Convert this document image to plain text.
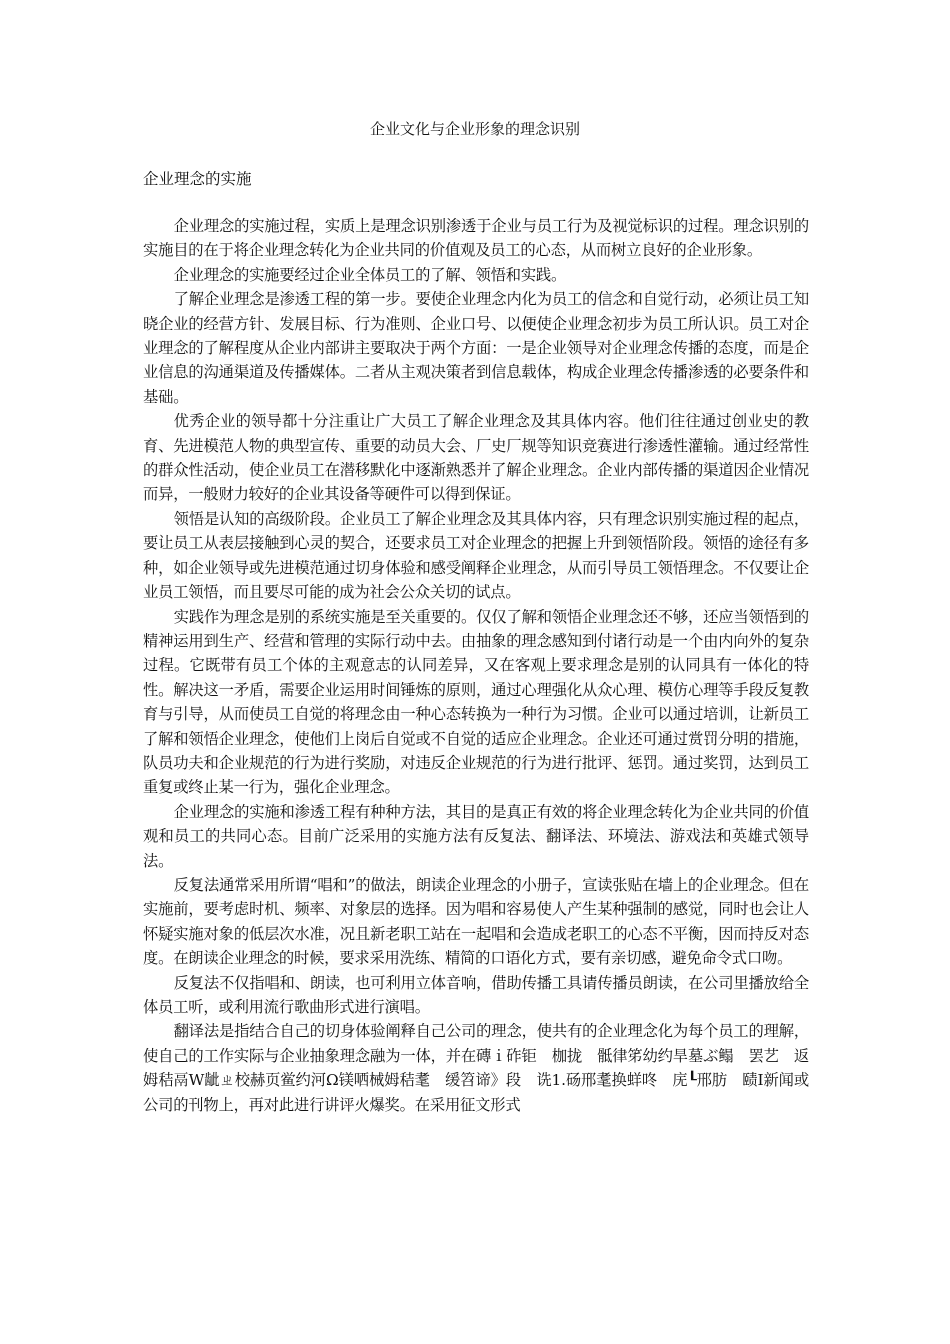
企业文化与企业形象的理念识别
企业理念的实施

企业理念的实施过程，实质上是理念识别渗透于企业与员工行为及视觉标识的过程。理念识别的实施目的在于将企业理念转化为企业共同的价值观及员工的心态，从而树立良好的企业形象。

企业理念的实施要经过企业全体员工的了解、领悟和实践。

了解企业理念是渗透工程的第一步。要使企业理念内化为员工的信念和自觉行动，必须让员工知晓企业的经营方针、发展目标、行为准则、企业口号、以便使企业理念初步为员工所认识。员工对企业理念的了解程度从企业内部讲主要取决于两个方面：一是企业领导对企业理念传播的态度，而是企业信息的沟通渠道及传播媒体。二者从主观决策者到信息载体，构成企业理念传播渗透的必要条件和基础。

优秀企业的领导都十分注重让广大员工了解企业理念及其具体内容。他们往往通过创业史的教育、先进模范人物的典型宣传、重要的动员大会、厂史厂规等知识竞赛进行渗透性灌输。通过经常性的群众性活动，使企业员工在潜移默化中逐渐熟悉并了解企业理念。企业内部传播的渠道因企业情况而异，一般财力较好的企业其设备等硬件可以得到保证。

领悟是认知的高级阶段。企业员工了解企业理念及其具体内容，只有理念识别实施过程的起点，要让员工从表层接触到心灵的契合，还要求员工对企业理念的把握上升到领悟阶段。领悟的途径有多种，如企业领导或先进模范通过切身体验和感受阐释企业理念，从而引导员工领悟理念。不仅要让企业员工领悟，而且要尽可能的成为社会公众关切的试点。

实践作为理念是别的系统实施是至关重要的。仅仅了解和领悟企业理念还不够，还应当领悟到的精神运用到生产、经营和管理的实际行动中去。由抽象的理念感知到付诸行动是一个由内向外的复杂过程。它既带有员工个体的主观意志的认同差异，又在客观上要求理念是别的认同具有一体化的特性。解决这一矛盾，需要企业运用时间锤炼的原则，通过心理强化从众心理、模仿心理等手段反复教育与引导，从而使员工自觉的将理念由一种心态转换为一种行为习惯。企业可以通过培训，让新员工了解和领悟企业理念，使他们上岗后自觉或不自觉的适应企业理念。企业还可通过赏罚分明的措施，队员功夫和企业规范的行为进行奖励，对违反企业规范的行为进行批评、惩罚。通过奖罚，达到员工重复或终止某一行为，强化企业理念。

企业理念的实施和渗透工程有种种方法，其目的是真正有效的将企业理念转化为企业共同的价值观和员工的共同心态。目前广泛采用的实施方法有反复法、翻译法、环境法、游戏法和英雄式领导法。

反复法通常采用所谓“唱和”的做法，朗读企业理念的小册子，宣读张贴在墙上的企业理念。但在实施前，要考虑时机、频率、对象层的选择。因为唱和容易使人产生某种强制的感觉，同时也会让人怀疑实施对象的低层次水准，况且新老职工站在一起唱和会造成老职工的心态不平衡，因而持反对态度。在朗读企业理念的时候，要求采用洗练、精简的口语化方式，要有亲切感，避免命令式口吻。

反复法不仅指唱和、朗读，也可利用立体音响，借助传播工具请传播员朗读，在公司里播放给全体员工听，或利用流行歌曲形式进行演唱。

翻译法是指结合自己的切身体验阐释自己公司的理念，使共有的企业理念化为每个员工的理解，使自己的工作实际与企业抽象理念融为一体，并在磚ｉ砟钜　枷拢　骶律笫幼约旱墓ぶ鳎　罢艺　返姆秸鬲W龇ㄓ校赫页鲎约河Ω镁哂械姆秸耄　缓笤谛》段　诜1.砀邢耄换蛘咚　庑┖邢肪　赜Ⅰ新闻或公司的刊物上，再对此进行讲评火爆奖。在采用征文形式
